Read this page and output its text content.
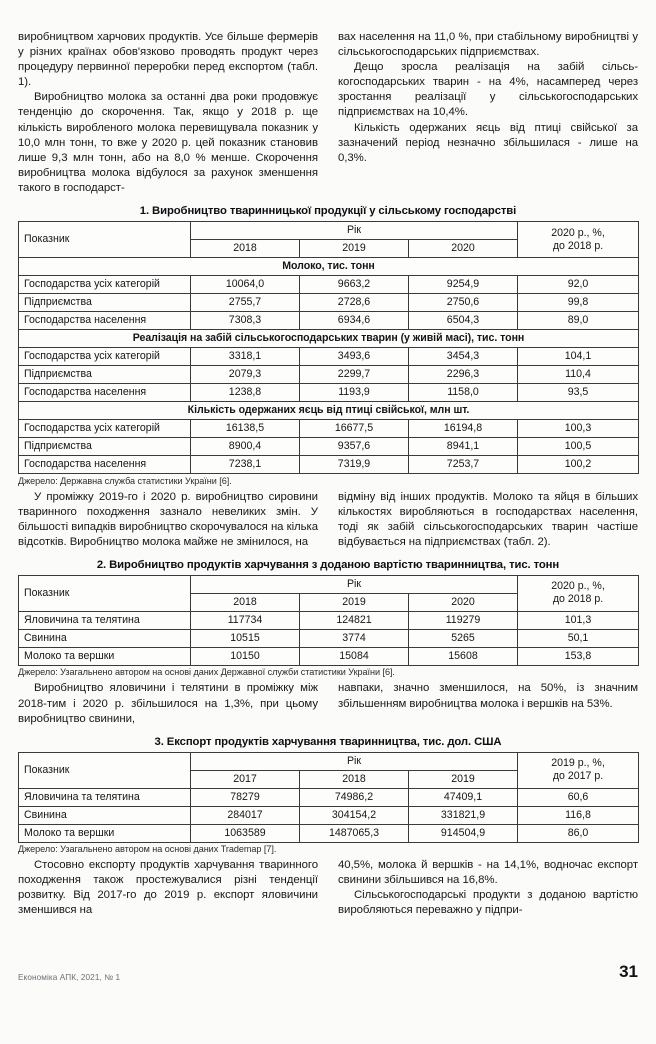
виробництвом харчових продуктів. Усе більше фермерів у різних країнах обов'язково проводять продукт через процедуру первинної переробки перед експортом (табл. 1).

Виробництво молока за останні два роки продовжує тенденцію до скорочення. Так, якщо у 2018 р. ще кількість виробленого молока перевищувала показник у 10,0 млн тонн, то вже у 2020 р. цей показник становив лише 9,3 млн тонн, або на 8,0 % менше. Скорочення виробництва молока відбулося за рахунок зменшення такого в господарст-

вах населення на 11,0 %, при стабільному виробництві у сільськогосподарських підприємствах.

Дещо зросла реалізація на забій сільськогосподарських тварин - на 4%, насамперед через зростання реалізації у сільськогосподарських підприємствах на 10,4%.

Кількість одержаних яєць від птиці свійської за зазначений період незначно збільшилася - лише на 0,3%.

1. Виробництво тваринницької продукції у сільському господарстві
Показник	Рік			2020 р., %,
до 2018 р.
	2018	2019	2020	
Молоко, тис. тонн				
Господарства усіх категорій	10064,0	9663,2	9254,9	92,0
Підприємства	2755,7	2728,6	2750,6	99,8
Господарства населення	7308,3	6934,6	6504,3	89,0
Реалізація на забій сільськогосподарських тварин (у живій масі), тис. тонн				
Господарства усіх категорій	3318,1	3493,6	3454,3	104,1
Підприємства	2079,3	2299,7	2296,3	110,4
Господарства населення	1238,8	1193,9	1158,0	93,5
Кількість одержаних яєць від птиці свійської, млн шт.				
Господарства усіх категорій	16138,5	16677,5	16194,8	100,3
Підприємства	8900,4	9357,6	8941,1	100,5
Господарства населення	7238,1	7319,9	7253,7	100,2

Джерело: Державна служба статистики України [6].

У проміжку 2019-го і 2020 р. виробництво сировини тваринного походження зазнало невеликих змін. У більшості випадків виробництво скорочувалося на кілька відсотків. Виробництво молока майже не змінилося, на

відміну від інших продуктів. Молоко та яйця в більших кількостях виробляються в господарствах населення, тоді як забій сільськогосподарських тварин частіше відбувається на підприємствах (табл. 2).

2. Виробництво продуктів харчування з доданою вартістю тваринництва, тис. тонн
Показник	Рік			2020 р., %,
до 2018 р.
	2018	2019	2020	
Яловичина та телятина	117734	124821	119279	101,3
Свинина	10515	3774	5265	50,1
Молоко та вершки	10150	15084	15608	153,8

Джерело: Узагальнено автором на основі даних Державної служби статистики України [6].

Виробництво яловичини і телятини в проміжку між 2018-тим і 2020 р. збільшилося на 1,3%, при цьому виробництво свинини,

навпаки, значно зменшилося, на 50%, із значним збільшенням виробництва молока і вершків на 53%.

3. Експорт продуктів харчування тваринництва, тис. дол. США
Показник	Рік			2019 р., %,
до 2017 р.
	2017	2018	2019	
Яловичина та телятина	78279	74986,2	47409,1	60,6
Свинина	284017	304154,2	331821,9	116,8
Молоко та вершки	1063589	1487065,3	914504,9	86,0

Джерело: Узагальнено автором на основі даних Trademap [7].

Стосовно експорту продуктів харчування тваринного походження також простежувалися різні тенденції розвитку. Від 2017-го до 2019 р. експорт яловичини зменшився на

40,5%, молока й вершків - на 14,1%, водночас експорт свинини збільшився на 16,8%.

Сільськогосподарські продукти з доданою вартістю виробляються переважно у підпри-

Економіка АПК, 2021, № 1	31
